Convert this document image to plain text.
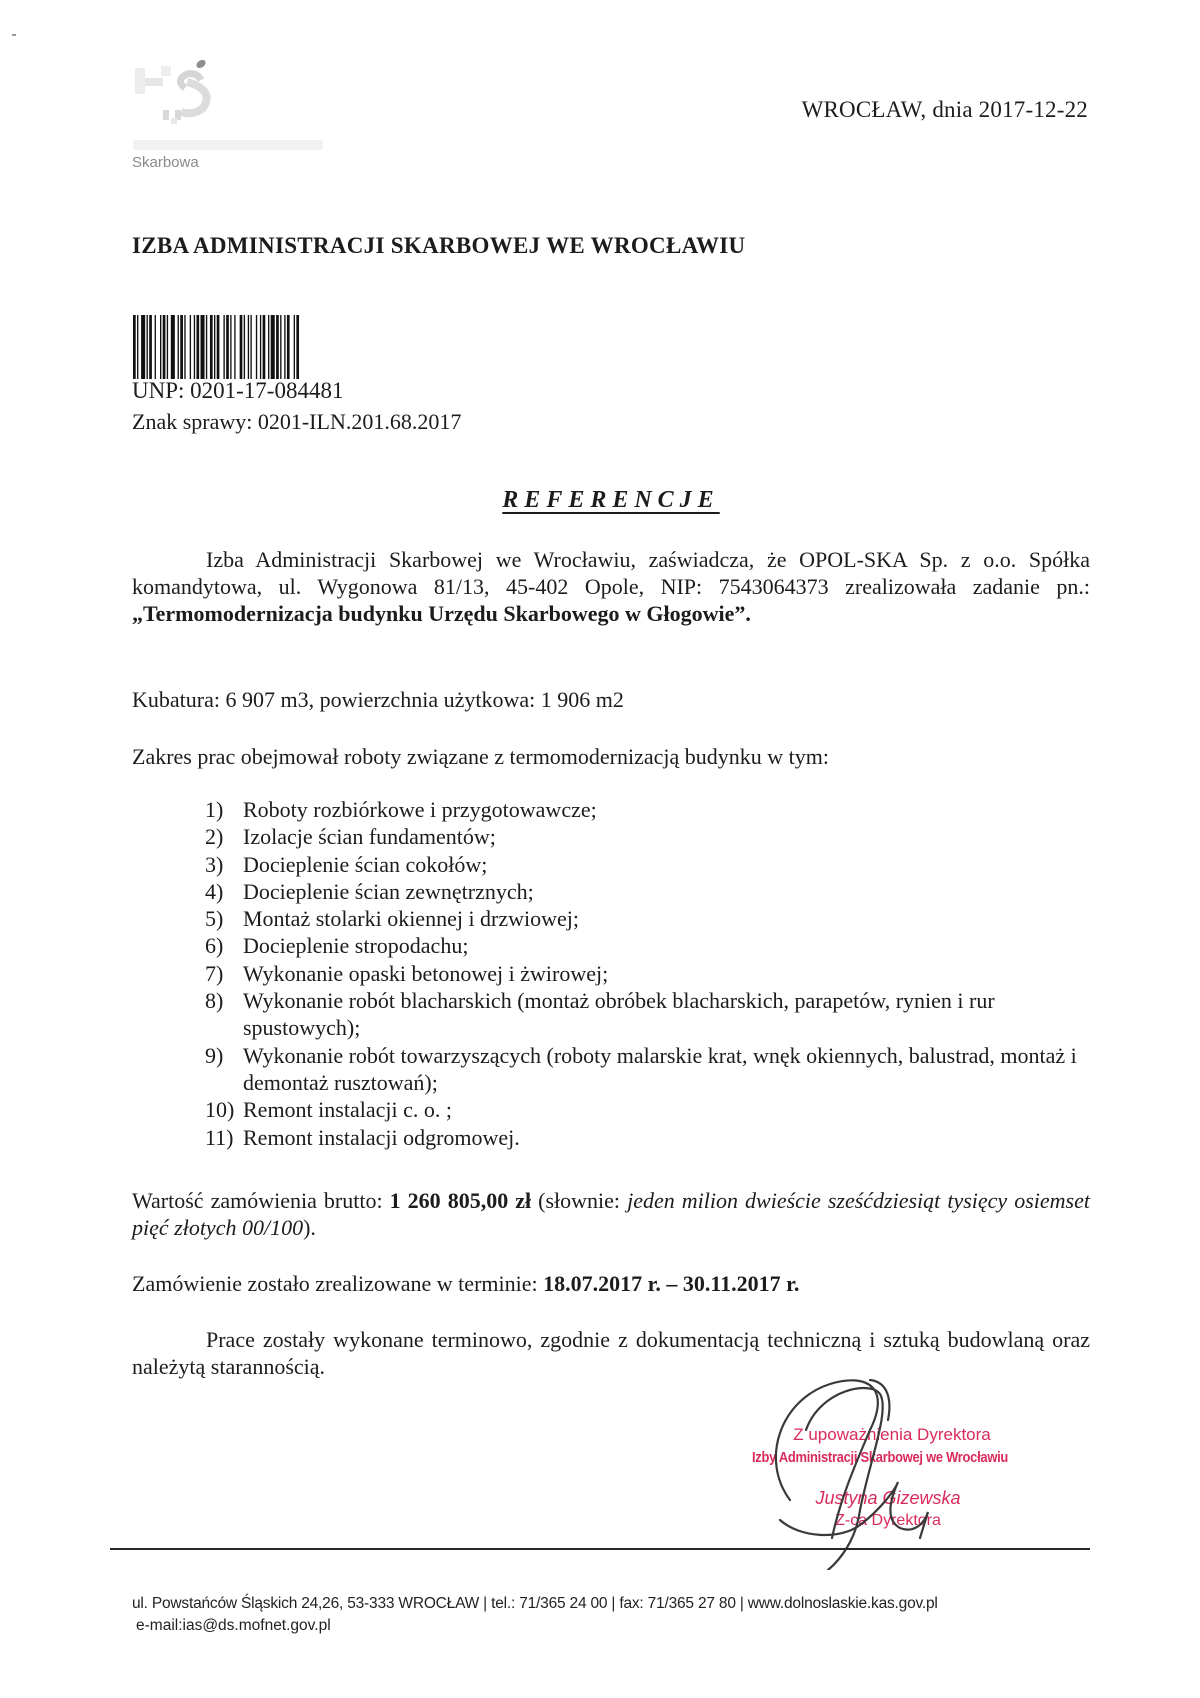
Skarbowa
WROCŁAW, dnia 2017-12-22
IZBA ADMINISTRACJI SKARBOWEJ WE WROCŁAWIU
UNP: 0201-17-084481
Znak sprawy: 0201-ILN.201.68.2017
REFERENCJE
Izba Administracji Skarbowej we Wrocławiu, zaświadcza, że OPOL-SKA Sp. z o.o. Spółka komandytowa, ul. Wygonowa 81/13, 45-402 Opole, NIP: 7543064373 zrealizowała zadanie pn.: „Termomodernizacja budynku Urzędu Skarbowego w Głogowie”.
Kubatura: 6 907 m3, powierzchnia użytkowa: 1 906 m2
Zakres prac obejmował roboty związane z termomodernizacją budynku w tym:
1) Roboty rozbiórkowe i przygotowawcze;
2) Izolacje ścian fundamentów;
3) Docieplenie ścian cokołów;
4) Docieplenie ścian zewnętrznych;
5) Montaż stolarki okiennej i drzwiowej;
6) Docieplenie stropodachu;
7) Wykonanie opaski betonowej i żwirowej;
8) Wykonanie robót blacharskich (montaż obróbek blacharskich, parapetów, rynien i rur spustowych);
9) Wykonanie robót towarzyszących (roboty malarskie krat, wnęk okiennych, balustrad, montaż i demontaż rusztowań);
10) Remont instalacji c. o. ;
11) Remont instalacji odgromowej.
Wartość zamówienia brutto: 1 260 805,00 zł (słownie: jeden milion dwieście sześćdziesiąt tysięcy osiemset pięć złotych 00/100).
Zamówienie zostało zrealizowane w terminie: 18.07.2017 r. – 30.11.2017 r.
Prace zostały wykonane terminowo, zgodnie z dokumentacją techniczną i sztuką budowlaną oraz należytą starannością.
Z upoważnienia Dyrektora
Izby Administracji Skarbowej we Wrocławiu
Justyna Gizewska
Z-ca Dyrektora
ul. Powstańców Śląskich 24,26, 53-333 WROCŁAW | tel.: 71/365 24 00 | fax: 71/365 27 80 | www.dolnoslaskie.kas.gov.pl
e-mail:ias@ds.mofnet.gov.pl
